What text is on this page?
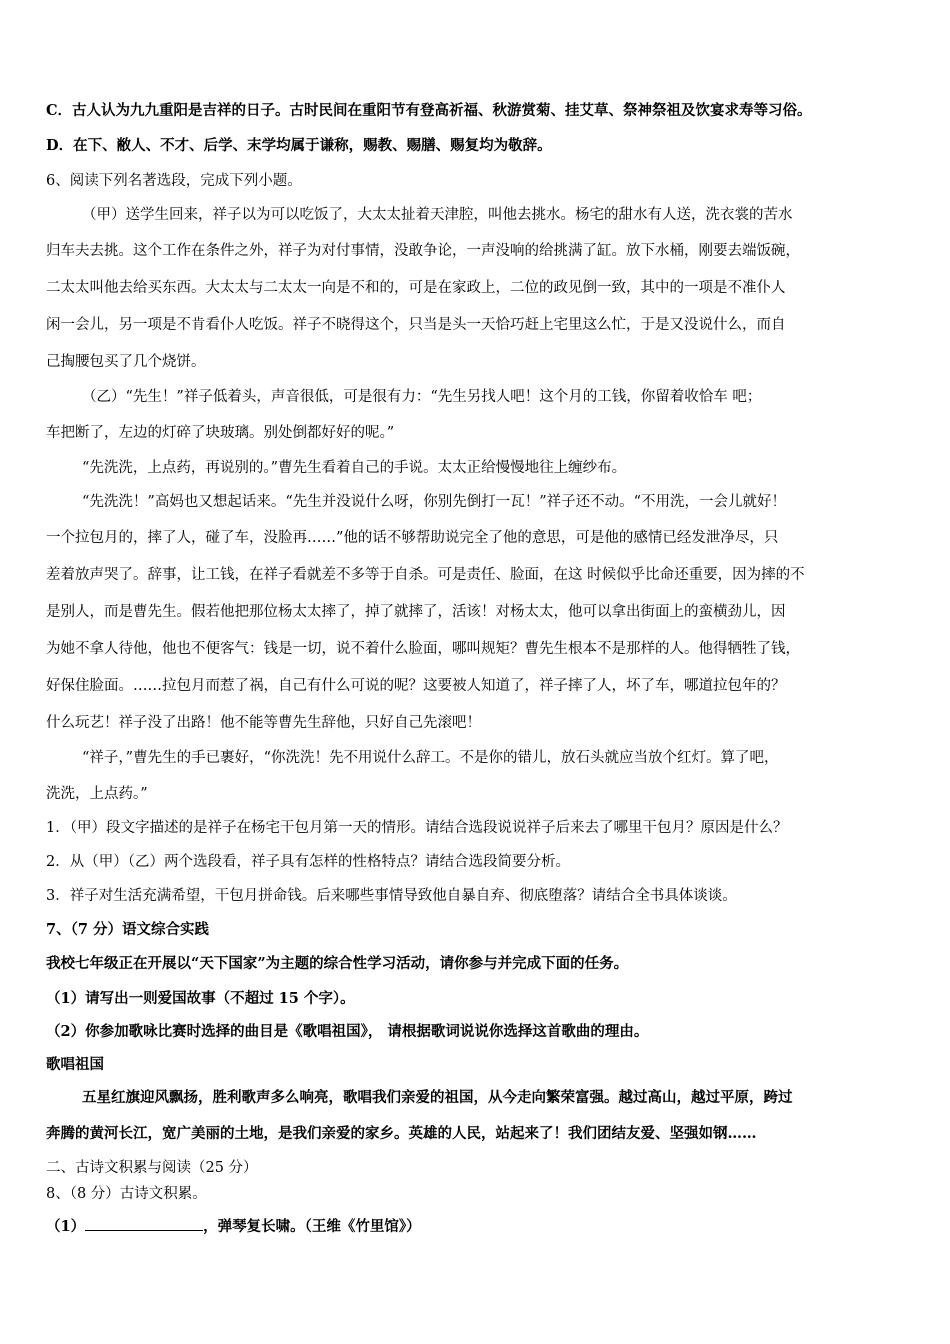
C．古人认为九九重阳是吉祥的日子。古时民间在重阳节有登高祈福、秋游赏菊、挂艾草、祭神祭祖及饮宴求寿等习俗。
D．在下、敝人、不才、后学、末学均属于谦称，赐教、赐膳、赐复均为敬辞。
6、阅读下列名著选段，完成下列小题。
（甲）送学生回来，祥子以为可以吃饭了，大太太扯着天津腔，叫他去挑水。杨宅的甜水有人送，洗衣裳的苦水
归车夫去挑。这个工作在条件之外，祥子为对付事情，没敢争论，一声没响的给挑满了缸。放下水桶，刚要去端饭碗，
二太太叫他去给买东西。大太太与二太太一向是不和的，可是在家政上，二位的政见倒一致，其中的一项是不准仆人
闲一会儿，另一项是不肯看仆人吃饭。祥子不晓得这个，只当是头一天恰巧赶上宅里这么忙，于是又没说什么，而自
己掏腰包买了几个烧饼。
（乙）“先生！”祥子低着头，声音很低，可是很有力：“先生另找人吧！这个月的工钱，你留着收恰车 吧；
车把断了，左边的灯碎了块玻璃。别处倒都好好的呢。”
“先洗洗，上点药，再说别的。”曹先生看着自己的手说。太太正给慢慢地往上缠纱布。
“先洗洗！”高妈也又想起话来。“先生并没说什么呀，你别先倒打一瓦！”祥子还不动。“不用洗，一会儿就好！
一个拉包月的，摔了人，碰了车，没脸再……”他的话不够帮助说完全了他的意思，可是他的感情已经发泄净尽，只
差着放声哭了。辞事，让工钱，在祥子看就差不多等于自杀。可是责任、脸面，在这 时候似乎比命还重要，因为摔的不
是别人，而是曹先生。假若他把那位杨太太摔了，掉了就摔了，活该！对杨太太，他可以拿出街面上的蛮横劲儿，因
为她不拿人待他，他也不便客气：钱是一切，说不着什么脸面，哪叫规矩？曹先生根本不是那样的人。他得牺牲了钱，
好保住脸面。……拉包月而惹了祸，自己有什么可说的呢？这要被人知道了，祥子摔了人，坏了车，哪道拉包年的？
什么玩艺！祥子没了出路！他不能等曹先生辞他，只好自己先滚吧！
“祥子，”曹先生的手已裹好，“你洗洗！先不用说什么辞工。不是你的错儿，放石头就应当放个红灯。算了吧，
洗洗，上点药。”
1．（甲）段文字描述的是祥子在杨宅干包月第一天的情形。请结合选段说说祥子后来去了哪里干包月？原因是什么？
2．从（甲）（乙）两个选段看，祥子具有怎样的性格特点？请结合选段简要分析。
3．祥子对生活充满希望，干包月拼命钱。后来哪些事情导致他自暴自弃、彻底堕落？请结合全书具体谈谈。
7、（7 分）语文综合实践
我校七年级正在开展以“天下国家”为主题的综合性学习活动，请你参与并完成下面的任务。
（1）请写出一则爱国故事（不超过 15 个字）。
（2）你参加歌咏比赛时选择的曲目是《歌唱祖国》， 请根据歌词说说你选择这首歌曲的理由。
歌唱祖国
五星红旗迎风飘扬，胜利歌声多么响亮，歌唱我们亲爱的祖国，从今走向繁荣富强。越过高山，越过平原，跨过
奔腾的黄河长江，宽广美丽的土地，是我们亲爱的家乡。英雄的人民，站起来了！我们团结友爱、坚强如钢……
二、古诗文积累与阅读（25 分）
8、（8 分）古诗文积累。
（1）	，弹琴复长啸。（王维《竹里馆》）
